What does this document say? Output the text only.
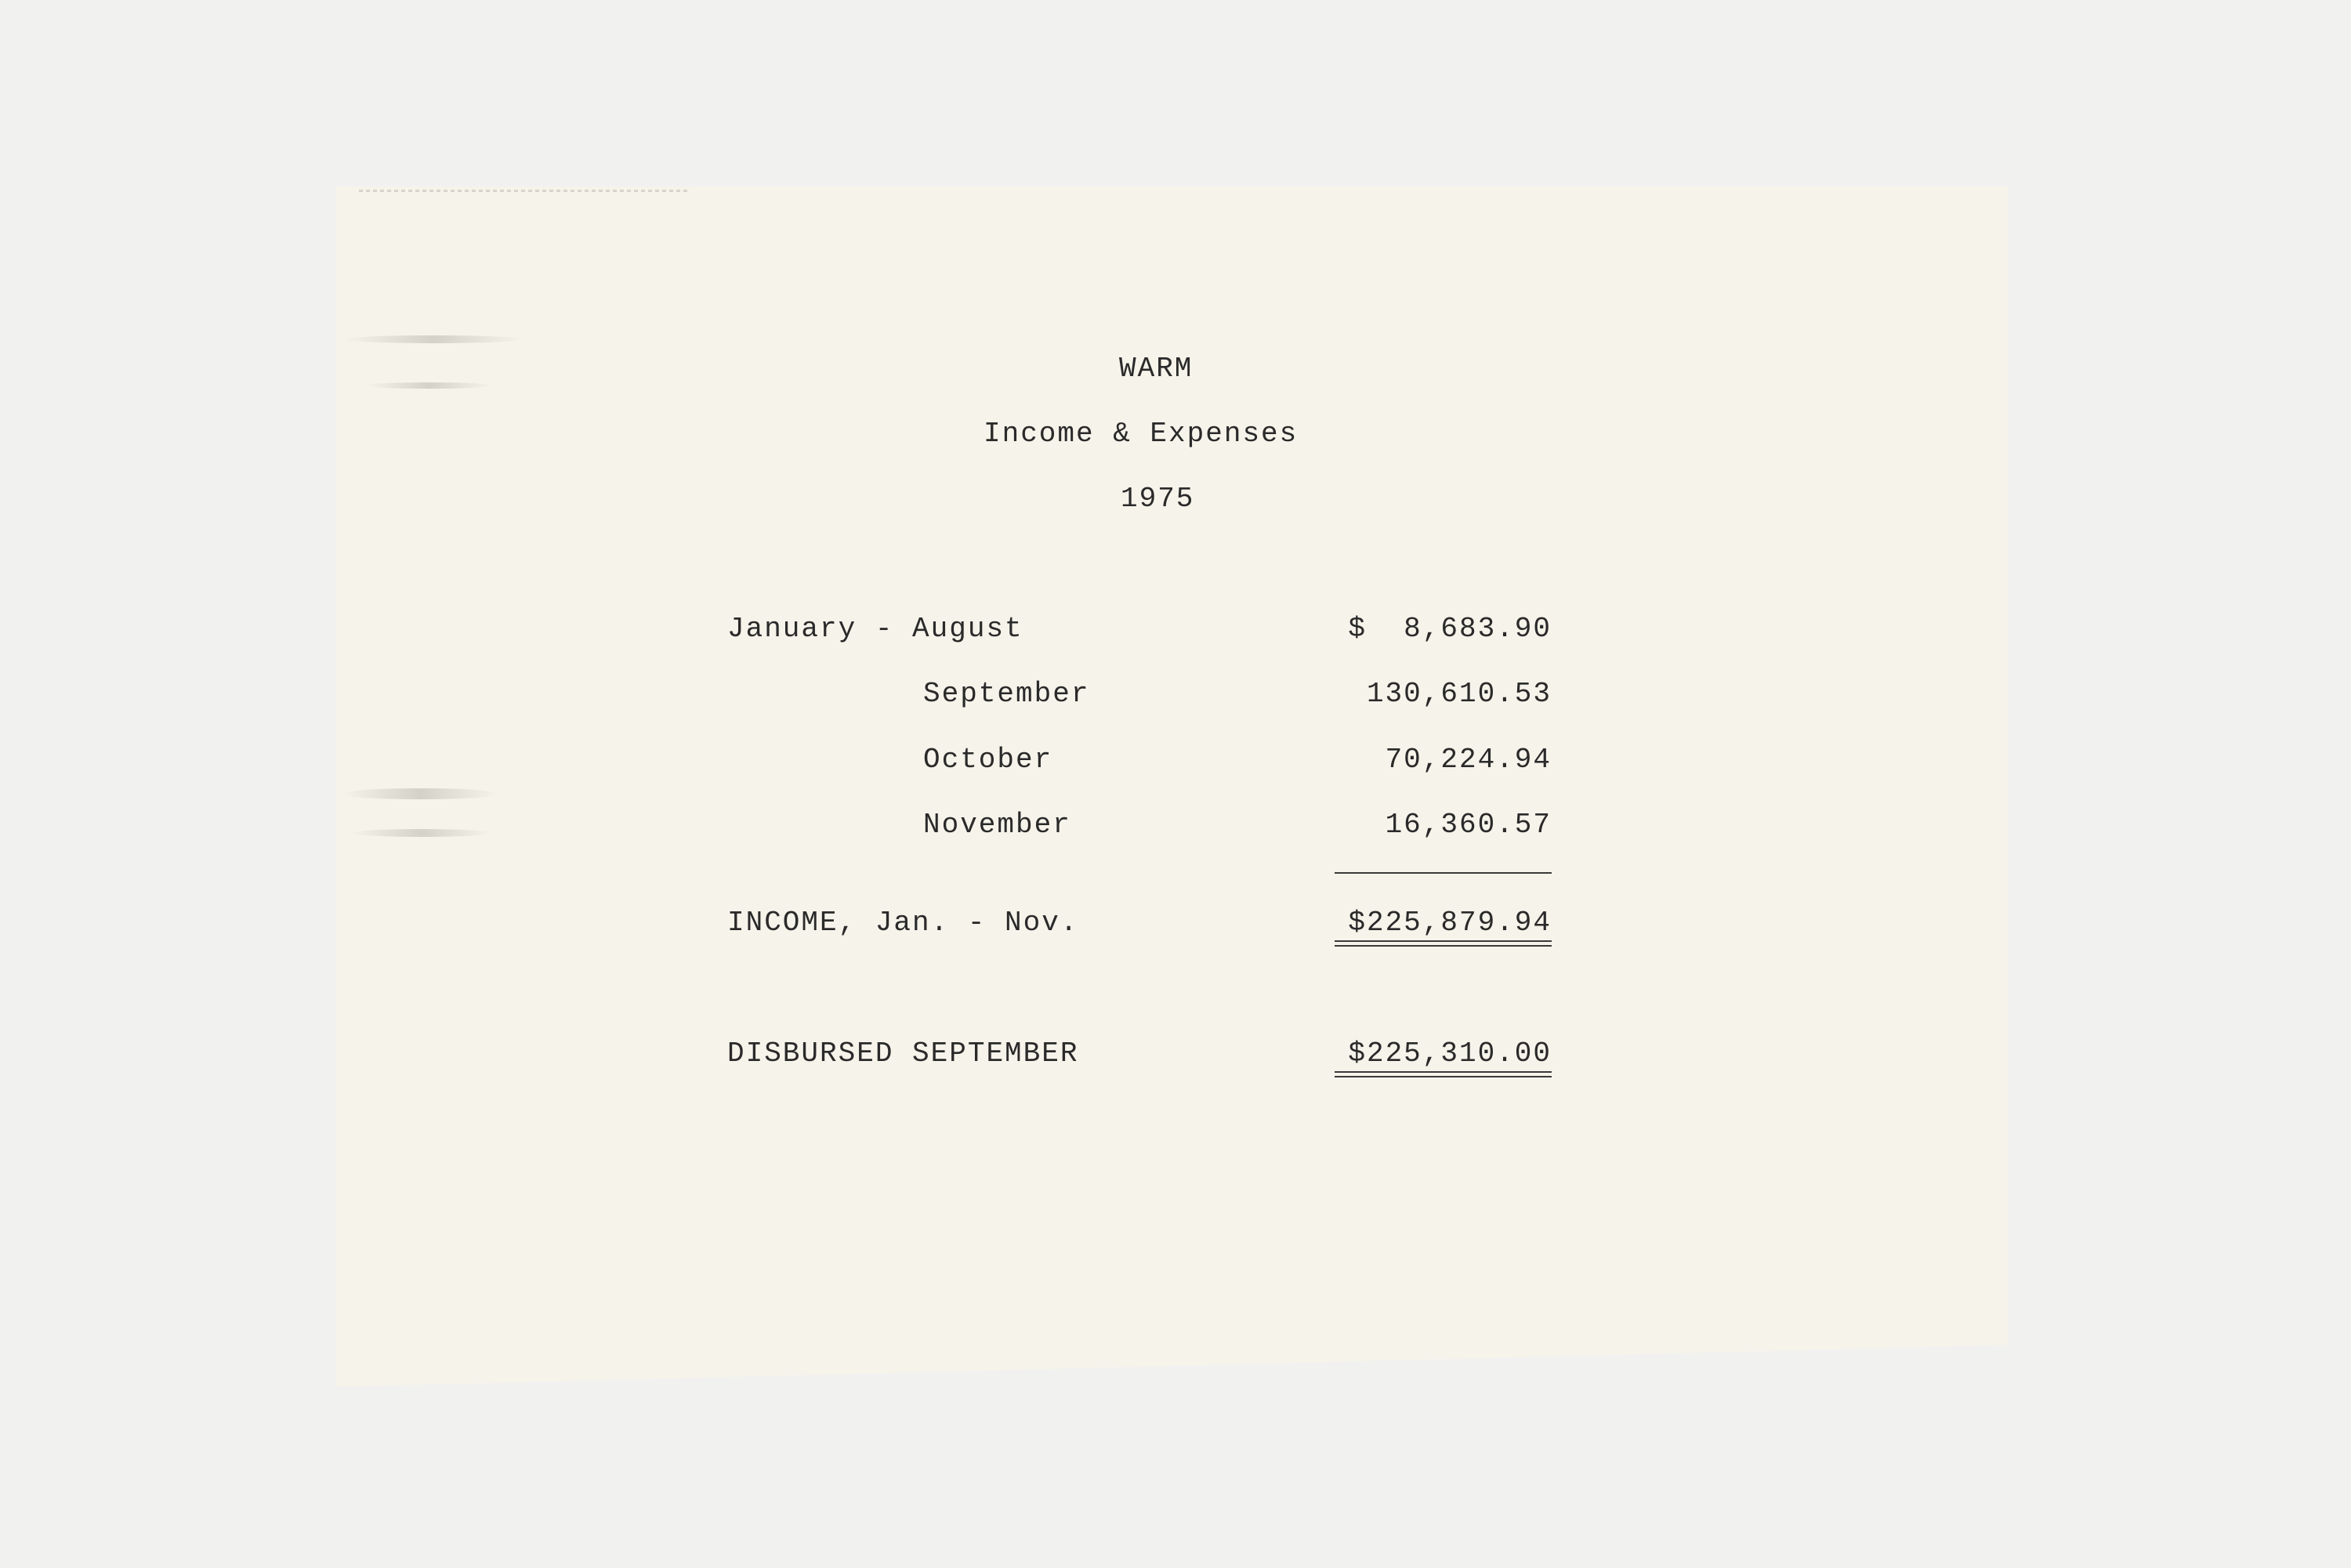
WARM
Income & Expenses
1975
January - August	$  8,683.90
September	130,610.53
October	70,224.94
November	16,360.57
INCOME, Jan. - Nov.	$225,879.94
DISBURSED SEPTEMBER	$225,310.00
